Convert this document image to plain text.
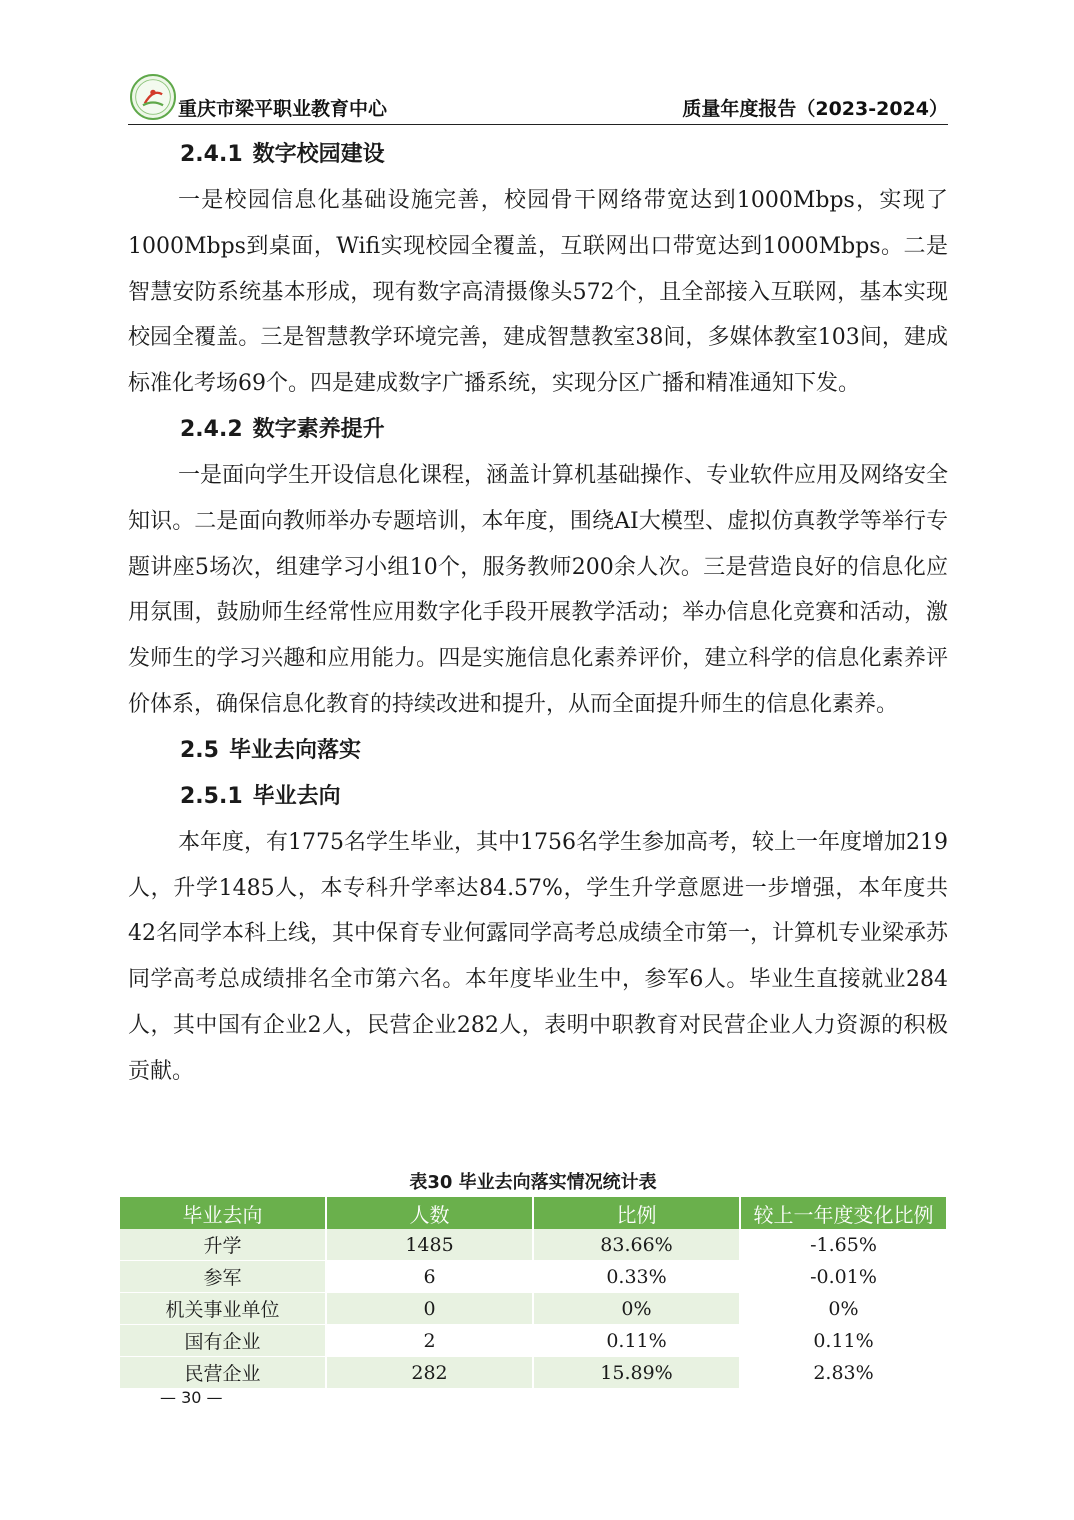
重庆市梁平职业教育中心	质量年度报告（2023-2024）
2.4.1 数字校园建设

一是校园信息化基础设施完善，校园骨干网络带宽达到1000Mbps，实现了1000Mbps到桌面，Wifi实现校园全覆盖，互联网出口带宽达到1000Mbps。二是智慧安防系统基本形成，现有数字高清摄像头572个，且全部接入互联网，基本实现校园全覆盖。三是智慧教学环境完善，建成智慧教室38间，多媒体教室103间，建成标准化考场69个。四是建成数字广播系统，实现分区广播和精准通知下发。

2.4.2 数字素养提升

一是面向学生开设信息化课程，涵盖计算机基础操作、专业软件应用及网络安全知识。二是面向教师举办专题培训，本年度，围绕AI大模型、虚拟仿真教学等举行专题讲座5场次，组建学习小组10个，服务教师200余人次。三是营造良好的信息化应用氛围，鼓励师生经常性应用数字化手段开展教学活动；举办信息化竞赛和活动，激发师生的学习兴趣和应用能力。四是实施信息化素养评价，建立科学的信息化素养评价体系，确保信息化教育的持续改进和提升，从而全面提升师生的信息化素养。

2.5 毕业去向落实
2.5.1 毕业去向

本年度，有1775名学生毕业，其中1756名学生参加高考，较上一年度增加219人，升学1485人，本专科升学率达84.57%，学生升学意愿进一步增强，本年度共42名同学本科上线，其中保育专业何露同学高考总成绩全市第一，计算机专业梁承苏同学高考总成绩排名全市第六名。本年度毕业生中，参军6人。毕业生直接就业284人，其中国有企业2人，民营企业282人，表明中职教育对民营企业人力资源的积极贡献。

表30 毕业去向落实情况统计表
毕业去向	人数	比例	较上一年度变化比例
升学	1485	83.66%	-1.65%
参军	6	0.33%	-0.01%
机关事业单位	0	0%	0%
国有企业	2	0.11%	0.11%
民营企业	282	15.89%	2.83%
— 30 —
